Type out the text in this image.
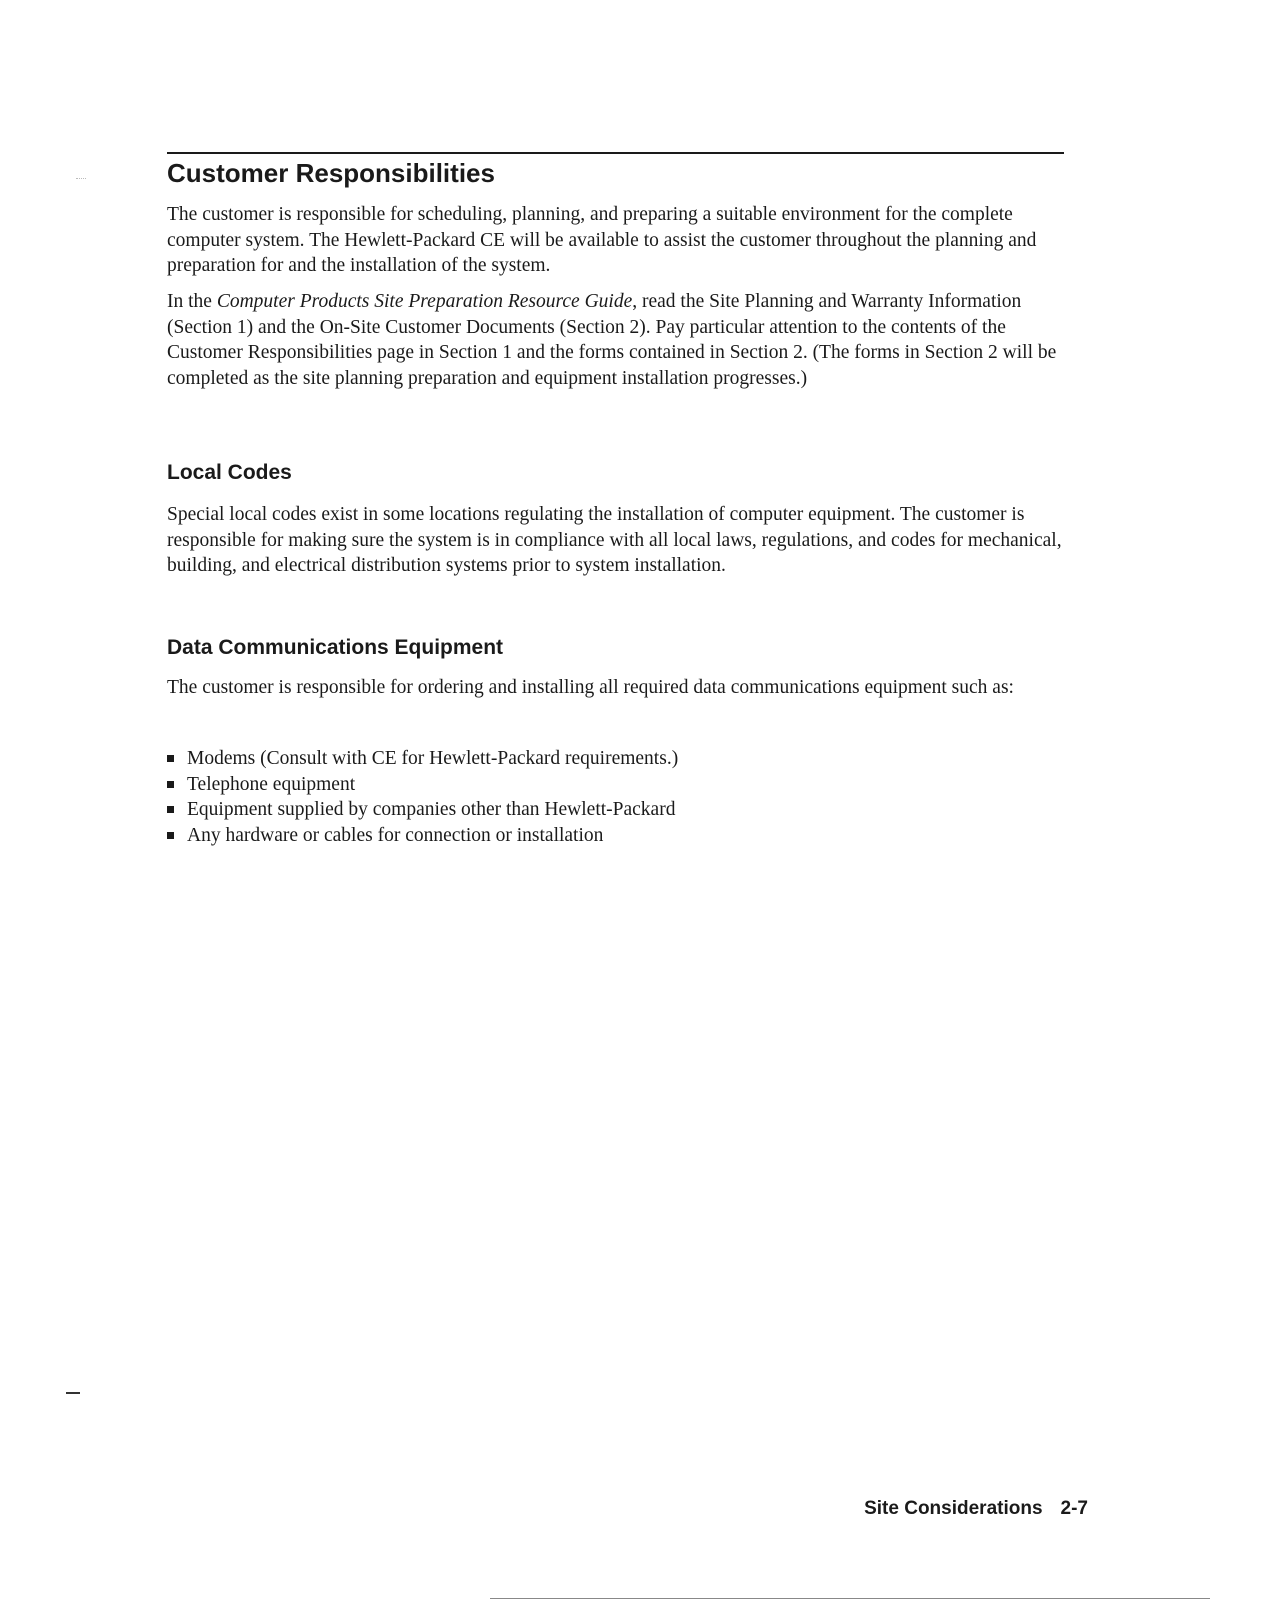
Customer Responsibilities

The customer is responsible for scheduling, planning, and preparing a suitable environment for the complete computer system. The Hewlett-Packard CE will be available to assist the customer throughout the planning and preparation for and the installation of the system.

In the Computer Products Site Preparation Resource Guide, read the Site Planning and Warranty Information (Section 1) and the On-Site Customer Documents (Section 2). Pay particular attention to the contents of the Customer Responsibilities page in Section 1 and the forms contained in Section 2. (The forms in Section 2 will be completed as the site planning preparation and equipment installation progresses.)

Local Codes

Special local codes exist in some locations regulating the installation of computer equipment. The customer is responsible for making sure the system is in compliance with all local laws, regulations, and codes for mechanical, building, and electrical distribution systems prior to system installation.

Data Communications Equipment

The customer is responsible for ordering and installing all required data communications equipment such as:

Modems (Consult with CE for Hewlett-Packard requirements.)
Telephone equipment
Equipment supplied by companies other than Hewlett-Packard
Any hardware or cables for connection or installation
Site Considerations 2-7
